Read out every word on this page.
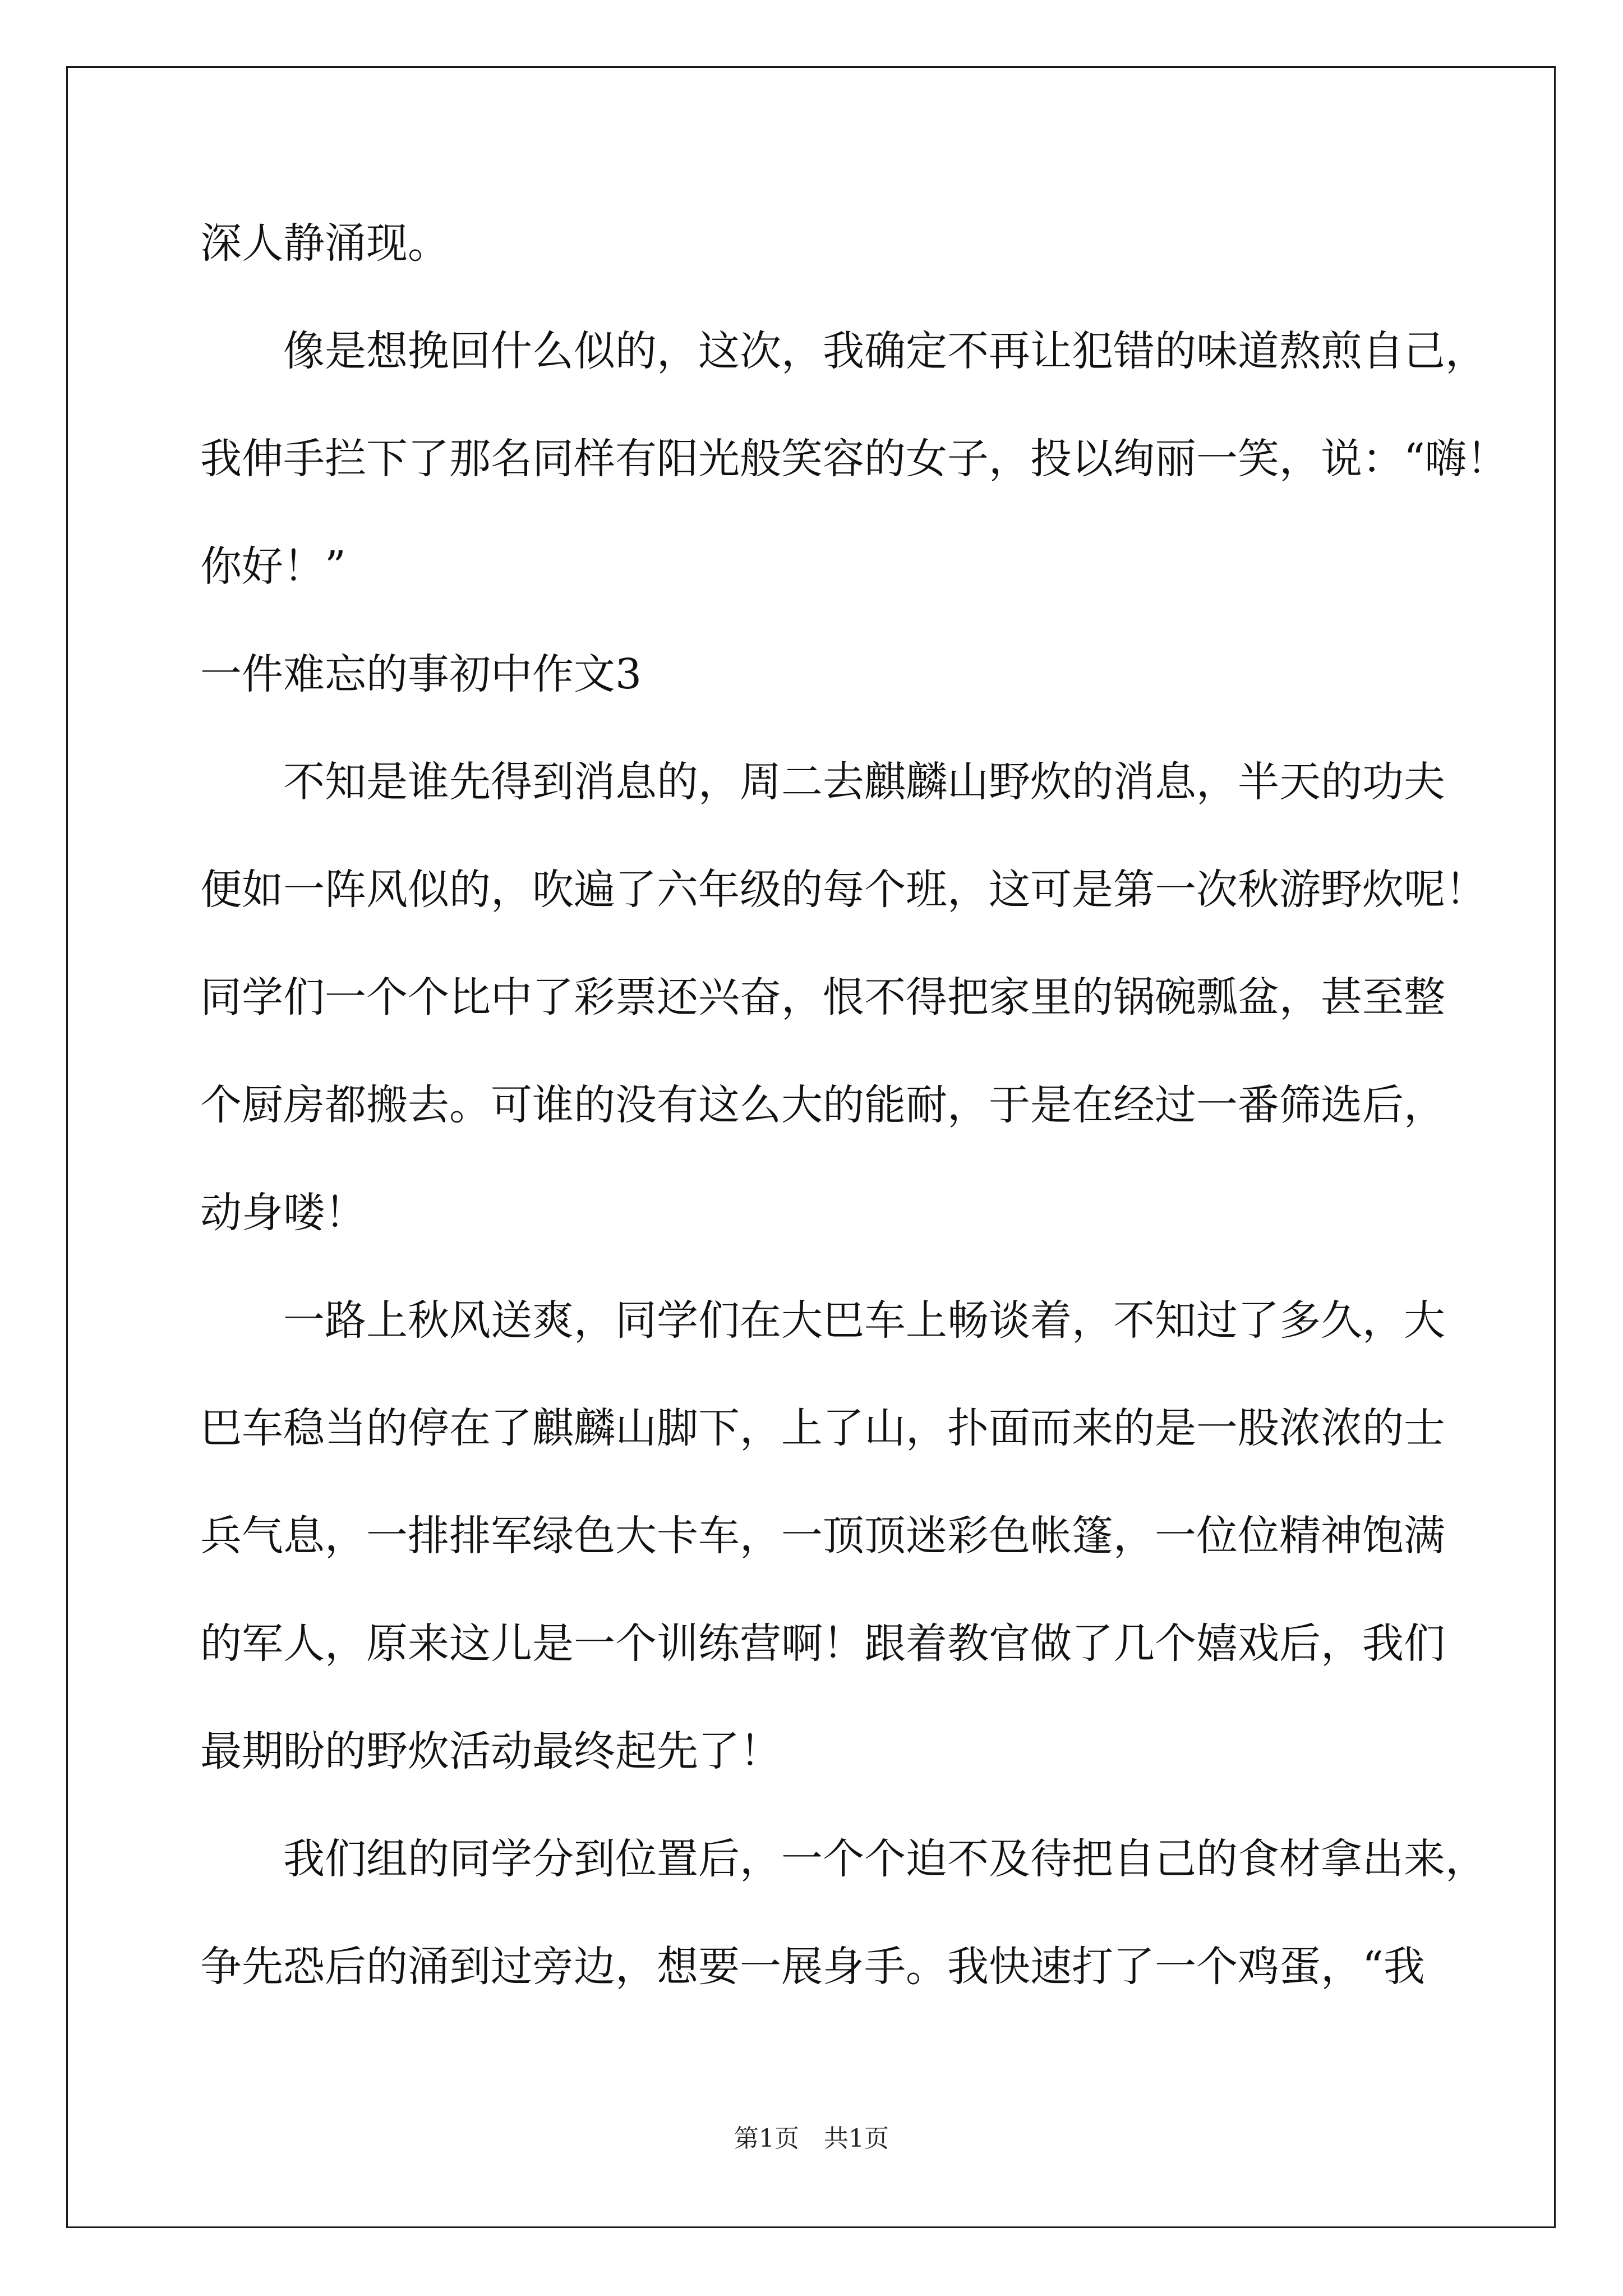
深人静涌现。
像是想挽回什么似的，这次，我确定不再让犯错的味道熬煎自己，
我伸手拦下了那名同样有阳光般笑容的女子，投以绚丽一笑，说：“嗨！
你好！”
一件难忘的事初中作文3
不知是谁先得到消息的，周二去麒麟山野炊的消息，半天的功夫
便如一阵风似的，吹遍了六年级的每个班，这可是第一次秋游野炊呢！
同学们一个个比中了彩票还兴奋，恨不得把家里的锅碗瓢盆，甚至整
个厨房都搬去。可谁的没有这么大的能耐，于是在经过一番筛选后，
动身喽！
一路上秋风送爽，同学们在大巴车上畅谈着，不知过了多久，大
巴车稳当的停在了麒麟山脚下，上了山，扑面而来的是一股浓浓的士
兵气息，一排排军绿色大卡车，一顶顶迷彩色帐篷，一位位精神饱满
的军人，原来这儿是一个训练营啊！跟着教官做了几个嬉戏后，我们
最期盼的野炊活动最终起先了！
我们组的同学分到位置后，一个个迫不及待把自己的食材拿出来，
争先恐后的涌到过旁边，想要一展身手。我快速打了一个鸡蛋，“我
第1页 共1页
